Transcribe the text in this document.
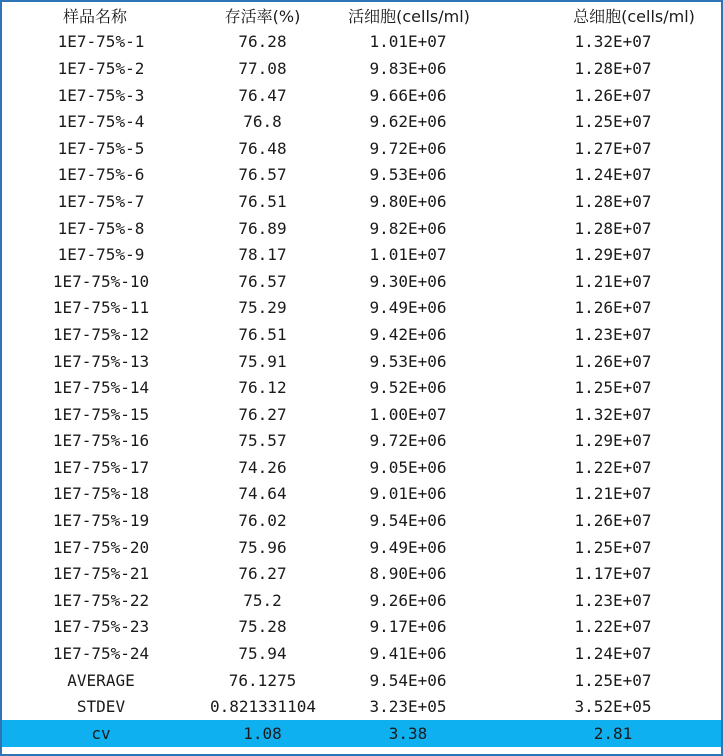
样品名称	存活率(%)	活细胞(cells/ml)	总细胞(cells/ml)
1E7-75%-1	76.28	1.01E+07	1.32E+07
1E7-75%-2	77.08	9.83E+06	1.28E+07
1E7-75%-3	76.47	9.66E+06	1.26E+07
1E7-75%-4	76.8	9.62E+06	1.25E+07
1E7-75%-5	76.48	9.72E+06	1.27E+07
1E7-75%-6	76.57	9.53E+06	1.24E+07
1E7-75%-7	76.51	9.80E+06	1.28E+07
1E7-75%-8	76.89	9.82E+06	1.28E+07
1E7-75%-9	78.17	1.01E+07	1.29E+07
1E7-75%-10	76.57	9.30E+06	1.21E+07
1E7-75%-11	75.29	9.49E+06	1.26E+07
1E7-75%-12	76.51	9.42E+06	1.23E+07
1E7-75%-13	75.91	9.53E+06	1.26E+07
1E7-75%-14	76.12	9.52E+06	1.25E+07
1E7-75%-15	76.27	1.00E+07	1.32E+07
1E7-75%-16	75.57	9.72E+06	1.29E+07
1E7-75%-17	74.26	9.05E+06	1.22E+07
1E7-75%-18	74.64	9.01E+06	1.21E+07
1E7-75%-19	76.02	9.54E+06	1.26E+07
1E7-75%-20	75.96	9.49E+06	1.25E+07
1E7-75%-21	76.27	8.90E+06	1.17E+07
1E7-75%-22	75.2	9.26E+06	1.23E+07
1E7-75%-23	75.28	9.17E+06	1.22E+07
1E7-75%-24	75.94	9.41E+06	1.24E+07
AVERAGE	76.1275	9.54E+06	1.25E+07
STDEV	0.821331104	3.23E+05	3.52E+05
cv	1.08	3.38	2.81
